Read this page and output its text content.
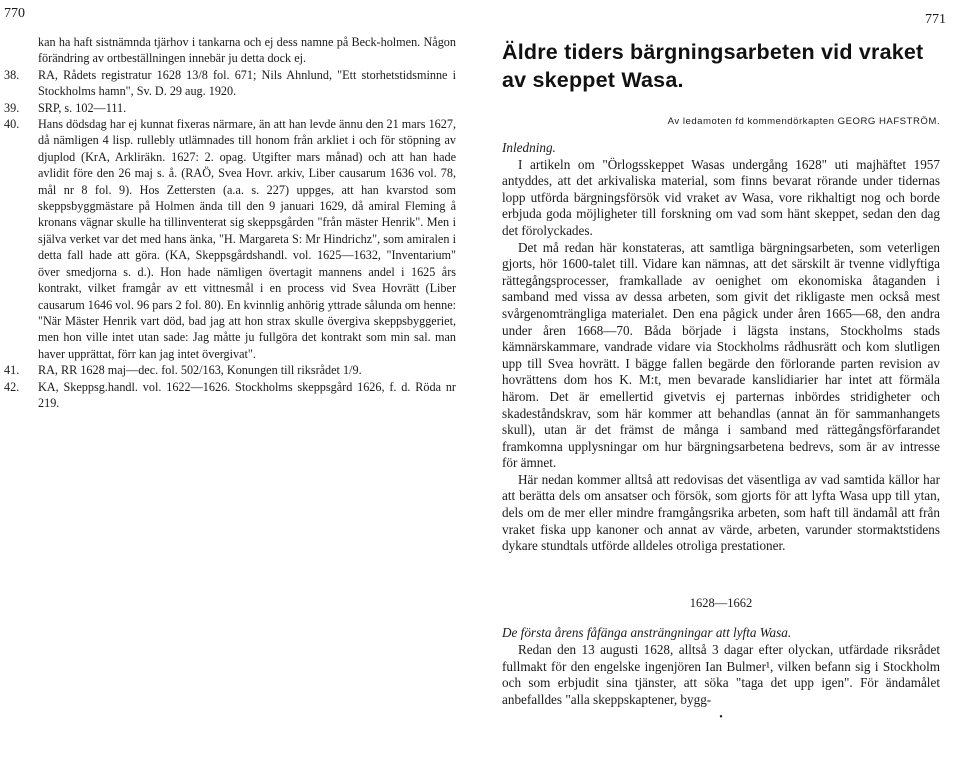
770
kan ha haft sistnämnda tjärhov i tankarna och ej dess namne på Beck-holmen. Någon förändring av ortbeställningen innebär ju detta dock ej.
38.	RA, Rådets registratur 1628 13/8 fol. 671; Nils Ahnlund, "Ett storhetstidsminne i Stockholms hamn", Sv. D. 29 aug. 1920.
39.	SRP, s. 102—111.
40.	Hans dödsdag har ej kunnat fixeras närmare, än att han levde ännu den 21 mars 1627, då nämligen 4 lisp. rullebly utlämnades till honom från arkliet i och för stöpning av djuplod (KrA, Arkliräkn. 1627: 2. opag. Utgifter mars månad) och att han hade avlidit före den 26 maj s. å. (RAÖ, Svea Hovr. arkiv, Liber causarum 1636 vol. 78, mål nr 8 fol. 9). Hos Zettersten (a.a. s. 227) uppges, att han kvarstod som skeppsbyggmästare på Holmen ända till den 9 januari 1629, då amiral Fleming å kronans vägnar skulle ha tillinventerat sig skeppsgården "från mäster Henrik". Men i själva verket var det med hans änka, "H. Margareta S: Mr Hindrichz", som amiralen i detta fall hade att göra. (KA, Skeppsgårdshandl. vol. 1625—1632, "Inventarium" över smedjorna s. d.). Hon hade nämligen övertagit mannens andel i 1625 års kontrakt, vilket framgår av ett vittnesmål i en process vid Svea Hovrätt (Liber causarum 1646 vol. 96 pars 2 fol. 80). En kvinnlig anhörig yttrade sålunda om henne: "När Mäster Henrik vart död, bad jag att hon strax skulle övergiva skeppsbyggeriet, men hon ville intet utan sade: Jag måtte ju fullgöra det kontrakt som min sal. man haver upprättat, förr kan jag intet övergivat".
41.	RA, RR 1628 maj—dec. fol. 502/163, Konungen till riksrådet 1/9.
42.	KA, Skeppsg.handl. vol. 1622—1626. Stockholms skeppsgård 1626, f. d. Röda nr 219.
771
Äldre tiders bärgningsarbeten vid vraket av skeppet Wasa.
Av ledamoten fd kommendörkapten GEORG HAFSTRÖM.

Inledning.

I artikeln om "Örlogsskeppet Wasas undergång 1628" uti majhäftet 1957 antyddes, att det arkivaliska material, som finns bevarat rörande under tidernas lopp utförda bärgningsförsök vid vraket av Wasa, vore rikhaltigt nog och borde erbjuda goda möjligheter till forskning om vad som hänt skeppet, sedan den dag det förolyckades.

Det må redan här konstateras, att samtliga bärgningsarbeten, som veterligen gjorts, hör 1600-talet till. Vidare kan nämnas, att det särskilt är tvenne vidlyftiga rättegångsprocesser, framkallade av oenighet om ekonomiska åtaganden i samband med vissa av dessa arbeten, som givit det rikligaste men också mest svårgenomträngliga materialet. Den ena pågick under åren 1665—68, den andra under åren 1668—70. Båda började i lägsta instans, Stockholms stads kämnärskammare, vandrade vidare via Stockholms rådhusrätt och kom slutligen upp till Svea hovrätt. I bägge fallen begärde den förlorande parten revision av hovrättens dom hos K. M:t, men bevarade kanslidiarier har intet att förmäla härom. Det är emellertid givetvis ej parternas inbördes stridigheter och skadeståndskrav, som här kommer att behandlas (annat än för sammanhangets skull), utan är det främst de många i samband med rättegångsförfarandet framkomna upplysningar om hur bärgningsarbetena bedrevs, som är av intresse för ämnet.

Här nedan kommer alltså att redovisas det väsentliga av vad samtida källor har att berätta dels om ansatser och försök, som gjorts för att lyfta Wasa upp till ytan, dels om de mer eller mindre framgångsrika arbeten, som haft till ändamål att från vraket fiska upp kanoner och annat av värde, arbeten, varunder stormaktstidens dykare stundtals utförde alldeles otroliga prestationer.

1628—1662

De första årens fåfänga ansträngningar att lyfta Wasa.

Redan den 13 augusti 1628, alltså 3 dagar efter olyckan, utfärdade riksrådet fullmakt för den engelske ingenjören Ian Bulmer¹, vilken befann sig i Stockholm och som erbjudit sina tjänster, att söka "taga det upp igen". För ändamålet anbefalldes "alla skeppskaptener, bygg-

•
